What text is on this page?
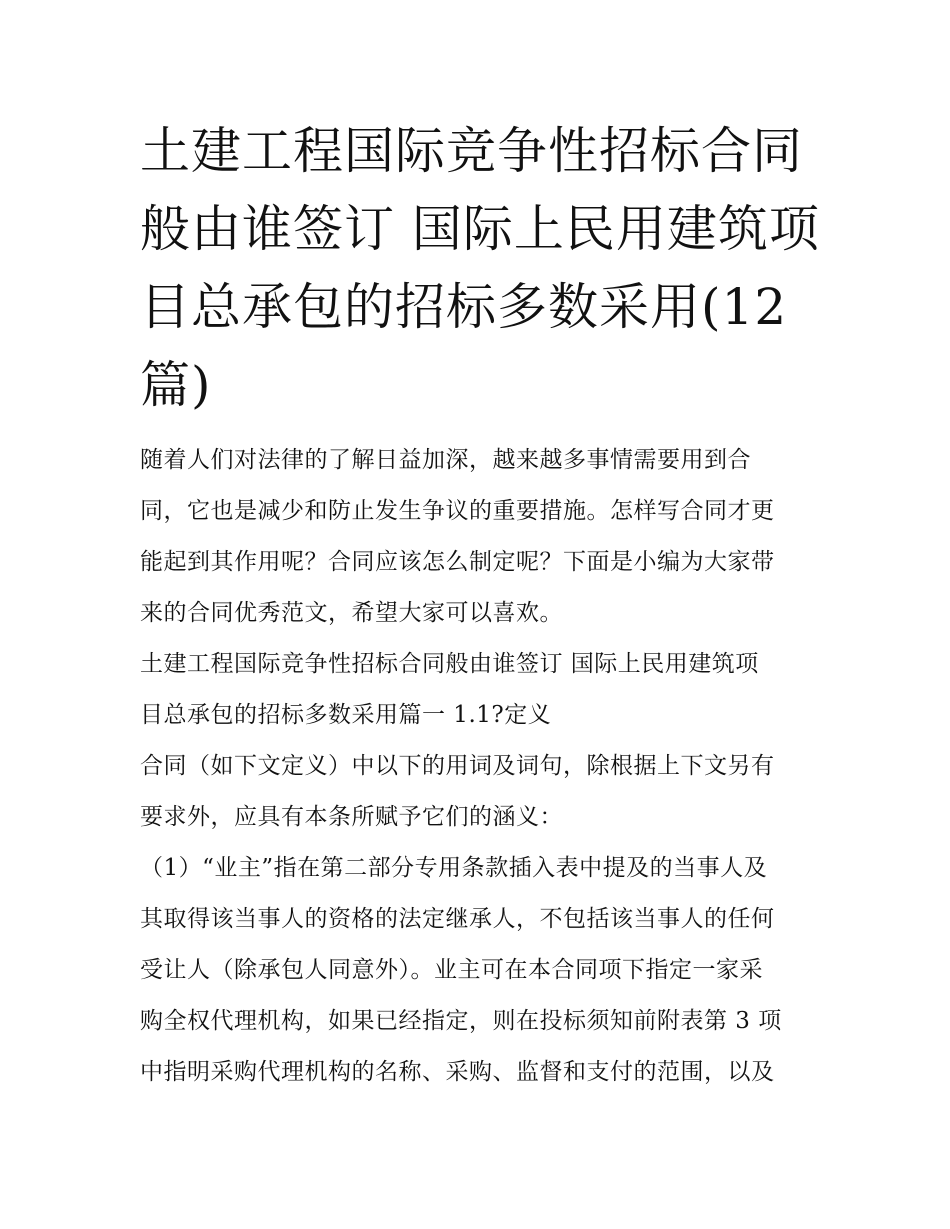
土建工程国际竞争性招标合同
般由谁签订 国际上民用建筑项
目总承包的招标多数采用(12
篇)
随着人们对法律的了解日益加深，越来越多事情需要用到合
同，它也是减少和防止发生争议的重要措施。怎样写合同才更
能起到其作用呢？合同应该怎么制定呢？下面是小编为大家带
来的合同优秀范文，希望大家可以喜欢。
土建工程国际竞争性招标合同般由谁签订 国际上民用建筑项
目总承包的招标多数采用篇一 1.1?定义
合同（如下文定义）中以下的用词及词句，除根据上下文另有
要求外，应具有本条所赋予它们的涵义：
（1）“业主”指在第二部分专用条款插入表中提及的当事人及
其取得该当事人的资格的法定继承人，不包括该当事人的任何
受让人（除承包人同意外）。业主可在本合同项下指定一家采
购全权代理机构，如果已经指定，则在投标须知前附表第 3 项
中指明采购代理机构的名称、采购、监督和支付的范围，以及
